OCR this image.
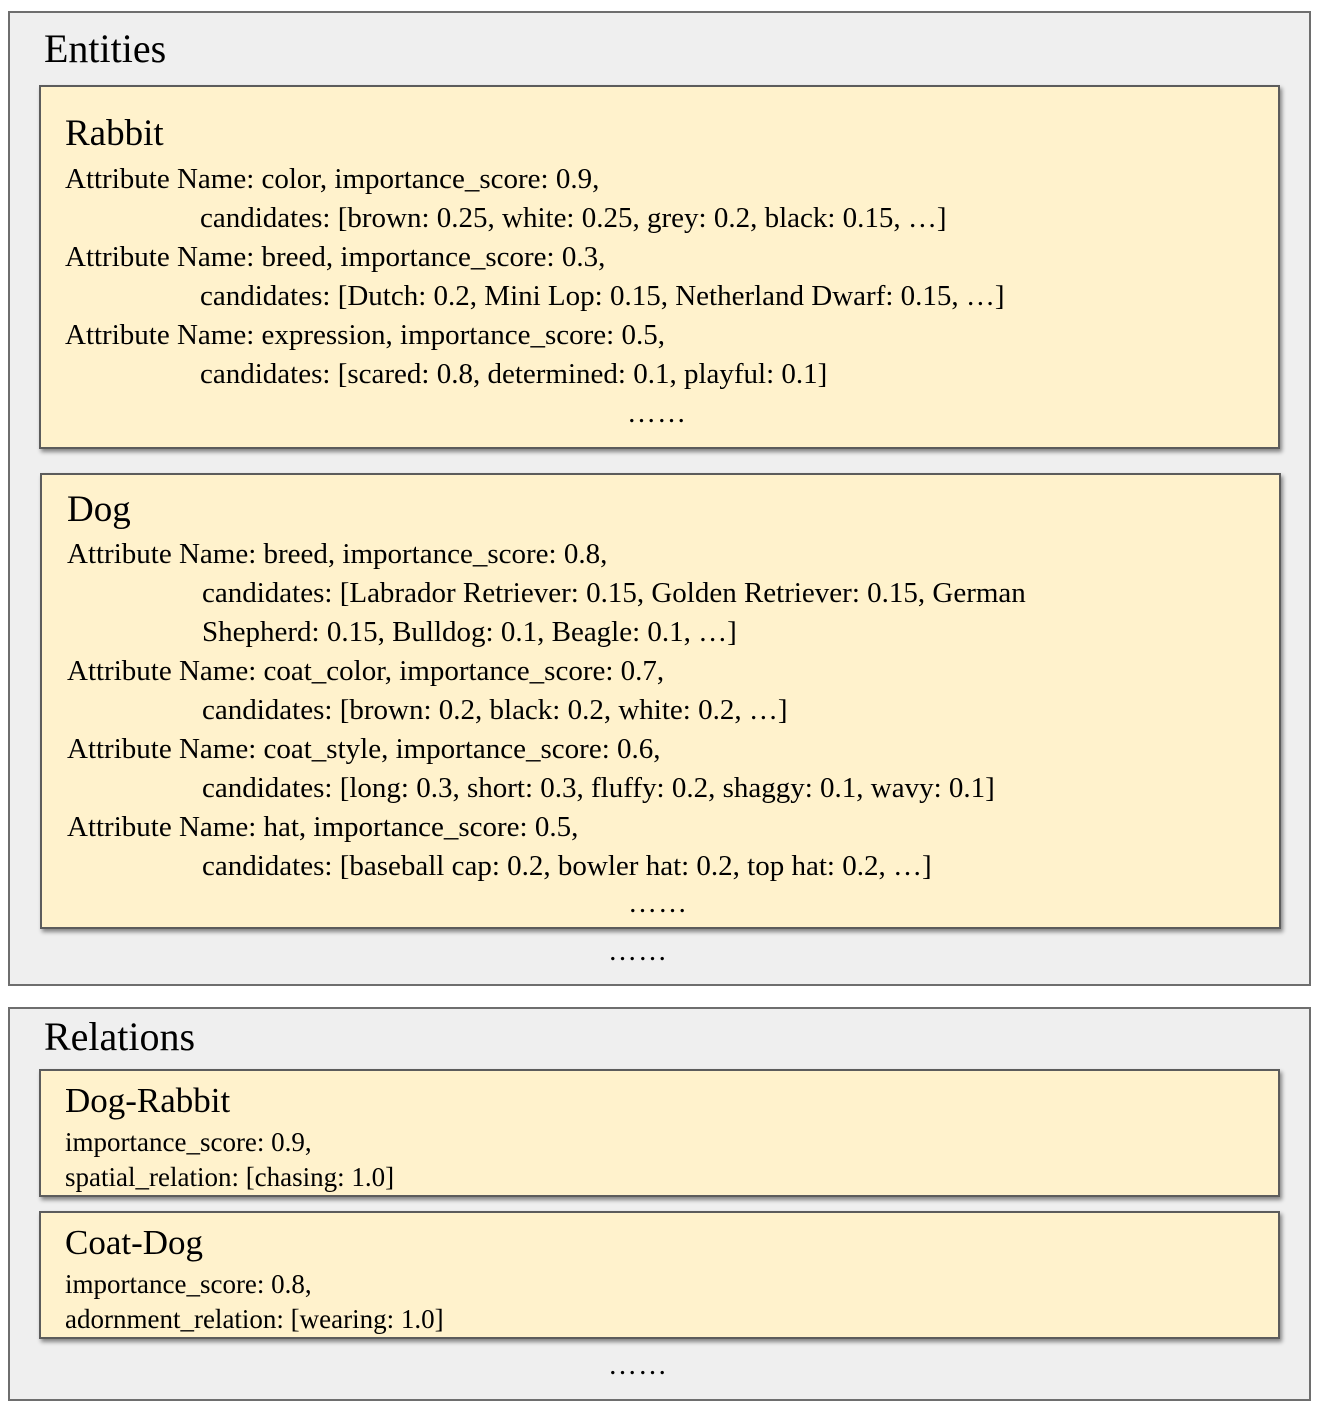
Entities
Rabbit
Attribute Name: color, importance_score: 0.9,
candidates: [brown: 0.25, white: 0.25, grey: 0.2, black: 0.15, …]
Attribute Name: breed, importance_score: 0.3,
candidates: [Dutch: 0.2, Mini Lop: 0.15, Netherland Dwarf: 0.15, …]
Attribute Name: expression, importance_score: 0.5,
candidates: [scared: 0.8, determined: 0.1, playful: 0.1]
……
Dog
Attribute Name: breed, importance_score: 0.8,
candidates: [Labrador Retriever: 0.15, Golden Retriever: 0.15, German
Shepherd: 0.15, Bulldog: 0.1, Beagle: 0.1, …]
Attribute Name: coat_color, importance_score: 0.7,
candidates: [brown: 0.2, black: 0.2, white: 0.2, …]
Attribute Name: coat_style, importance_score: 0.6,
candidates: [long: 0.3, short: 0.3, fluffy: 0.2, shaggy: 0.1, wavy: 0.1]
Attribute Name: hat, importance_score: 0.5,
candidates: [baseball cap: 0.2, bowler hat: 0.2, top hat: 0.2, …]
……
……
Relations
Dog-Rabbit
importance_score: 0.9,
spatial_relation: [chasing: 1.0]
Coat-Dog
importance_score: 0.8,
adornment_relation: [wearing: 1.0]
……
